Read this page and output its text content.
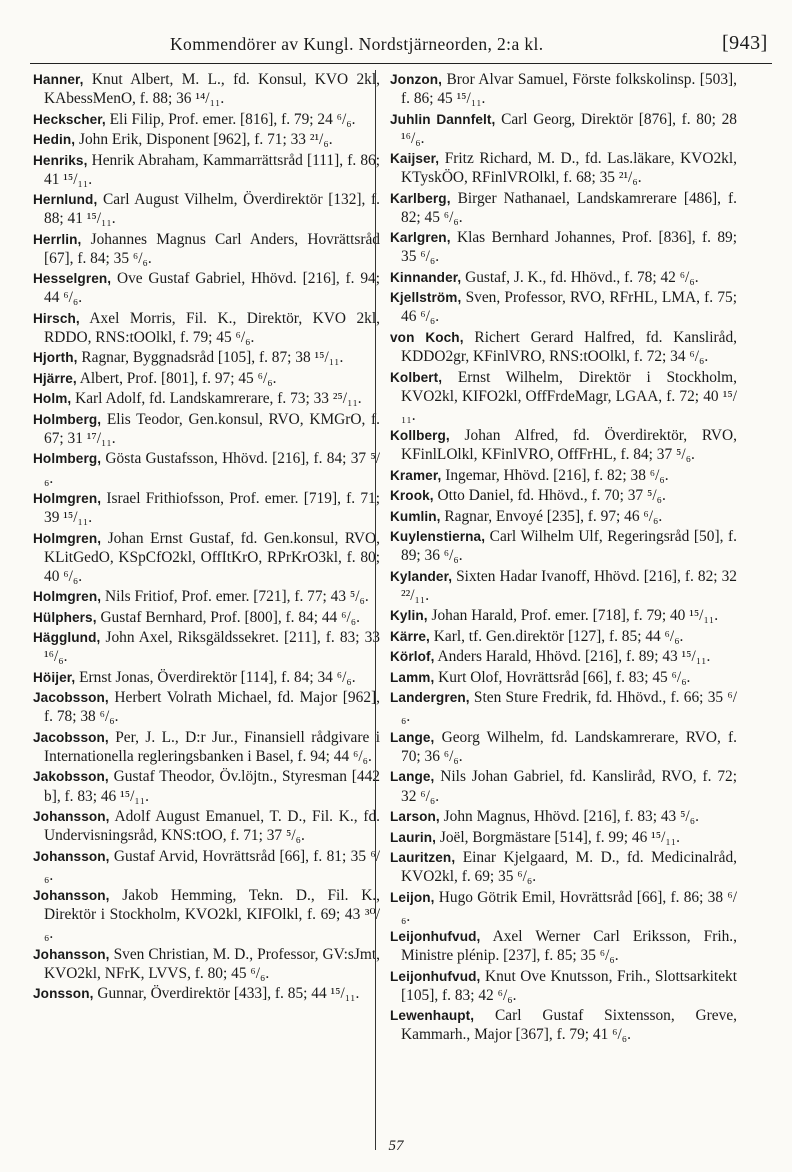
Kommendörer av Kungl. Nordstjärneorden, 2:a kl.	[943]
Hanner, Knut Albert, M. L., fd. Konsul, KVO 2kl, KAbessMenO, f. 88; 36 ¹⁴/₁₁.
Heckscher, Eli Filip, Prof. emer. [816], f. 79; 24 ⁶/₆.
Hedin, John Erik, Disponent [962], f. 71; 33 ²¹/₆.
Henriks, Henrik Abraham, Kammarrättsråd [111], f. 86; 41 ¹⁵/₁₁.
Hernlund, Carl August Vilhelm, Överdirektör [132], f. 88; 41 ¹⁵/₁₁.
Herrlin, Johannes Magnus Carl Anders, Hovrättsråd [67], f. 84; 35 ⁶/₆.
Hesselgren, Ove Gustaf Gabriel, Hhövd. [216], f. 94; 44 ⁶/₆.
Hirsch, Axel Morris, Fil. K., Direktör, KVO 2kl, RDDO, RNS:tOOlkl, f. 79; 45 ⁶/₆.
Hjorth, Ragnar, Byggnadsråd [105], f. 87; 38 ¹⁵/₁₁.
Hjärre, Albert, Prof. [801], f. 97; 45 ⁶/₆.
Holm, Karl Adolf, fd. Landskamrerare, f. 73; 33 ²⁵/₁₁.
Holmberg, Elis Teodor, Gen.konsul, RVO, KMGrO, f. 67; 31 ¹⁷/₁₁.
Holmberg, Gösta Gustafsson, Hhövd. [216], f. 84; 37 ⁵/₆.
Holmgren, Israel Frithiofsson, Prof. emer. [719], f. 71; 39 ¹⁵/₁₁.
Holmgren, Johan Ernst Gustaf, fd. Gen.konsul, RVO, KLitGedO, KSpCfO2kl, OffItKrO, RPrKrO3kl, f. 80; 40 ⁶/₆.
Holmgren, Nils Fritiof, Prof. emer. [721], f. 77; 43 ⁵/₆.
Hülphers, Gustaf Bernhard, Prof. [800], f. 84; 44 ⁶/₆.
Hägglund, John Axel, Riksgäldssekret. [211], f. 83; 33 ¹⁶/₆.
Höijer, Ernst Jonas, Överdirektör [114], f. 84; 34 ⁶/₆.
Jacobsson, Herbert Volrath Michael, fd. Major [962], f. 78; 38 ⁶/₆.
Jacobsson, Per, J. L., D:r Jur., Finansiell rådgivare i Internationella regleringsbanken i Basel, f. 94; 44 ⁶/₆.
Jakobsson, Gustaf Theodor, Öv.löjtn., Styresman [442 b], f. 83; 46 ¹⁵/₁₁.
Johansson, Adolf August Emanuel, T. D., Fil. K., fd. Undervisningsråd, KNS:tOO, f. 71; 37 ⁵/₆.
Johansson, Gustaf Arvid, Hovrättsråd [66], f. 81; 35 ⁶/₆.
Johansson, Jakob Hemming, Tekn. D., Fil. K., Direktör i Stockholm, KVO2kl, KIFOlkl, f. 69; 43 ³⁰/₆.
Johansson, Sven Christian, M. D., Professor, GV:sJmt, KVO2kl, NFrK, LVVS, f. 80; 45 ⁶/₆.
Jonsson, Gunnar, Överdirektör [433], f. 85; 44 ¹⁵/₁₁.
Jonzon, Bror Alvar Samuel, Förste folkskolinsp. [503], f. 86; 45 ¹⁵/₁₁.
Juhlin Dannfelt, Carl Georg, Direktör [876], f. 80; 28 ¹⁶/₆.
Kaijser, Fritz Richard, M. D., fd. Las.läkare, KVO2kl, KTyskÖO, RFinlVROlkl, f. 68; 35 ²¹/₆.
Karlberg, Birger Nathanael, Landskamrerare [486], f. 82; 45 ⁶/₆.
Karlgren, Klas Bernhard Johannes, Prof. [836], f. 89; 35 ⁶/₆.
Kinnander, Gustaf, J. K., fd. Hhövd., f. 78; 42 ⁶/₆.
Kjellström, Sven, Professor, RVO, RFrHL, LMA, f. 75; 46 ⁶/₆.
von Koch, Richert Gerard Halfred, fd. Kansliråd, KDDO2gr, KFinlVRO, RNS:tOOlkl, f. 72; 34 ⁶/₆.
Kolbert, Ernst Wilhelm, Direktör i Stockholm, KVO2kl, KIFO2kl, OffFrdeMagr, LGAA, f. 72; 40 ¹⁵/₁₁.
Kollberg, Johan Alfred, fd. Överdirektör, RVO, KFinlLOlkl, KFinlVRO, OffFrHL, f. 84; 37 ⁵/₆.
Kramer, Ingemar, Hhövd. [216], f. 82; 38 ⁶/₆.
Krook, Otto Daniel, fd. Hhövd., f. 70; 37 ⁵/₆.
Kumlin, Ragnar, Envoyé [235], f. 97; 46 ⁶/₆.
Kuylenstierna, Carl Wilhelm Ulf, Regeringsråd [50], f. 89; 36 ⁶/₆.
Kylander, Sixten Hadar Ivanoff, Hhövd. [216], f. 82; 32 ²²/₁₁.
Kylin, Johan Harald, Prof. emer. [718], f. 79; 40 ¹⁵/₁₁.
Kärre, Karl, tf. Gen.direktör [127], f. 85; 44 ⁶/₆.
Körlof, Anders Harald, Hhövd. [216], f. 89; 43 ¹⁵/₁₁.
Lamm, Kurt Olof, Hovrättsråd [66], f. 83; 45 ⁶/₆.
Landergren, Sten Sture Fredrik, fd. Hhövd., f. 66; 35 ⁶/₆.
Lange, Georg Wilhelm, fd. Landskamrerare, RVO, f. 70; 36 ⁶/₆.
Lange, Nils Johan Gabriel, fd. Kansliråd, RVO, f. 72; 32 ⁶/₆.
Larson, John Magnus, Hhövd. [216], f. 83; 43 ⁵/₆.
Laurin, Joël, Borgmästare [514], f. 99; 46 ¹⁵/₁₁.
Lauritzen, Einar Kjelgaard, M. D., fd. Medicinalråd, KVO2kl, f. 69; 35 ⁶/₆.
Leijon, Hugo Götrik Emil, Hovrättsråd [66], f. 86; 38 ⁶/₆.
Leijonhufvud, Axel Werner Carl Eriksson, Frih., Ministre plénip. [237], f. 85; 35 ⁶/₆.
Leijonhufvud, Knut Ove Knutsson, Frih., Slottsarkitekt [105], f. 83; 42 ⁶/₆.
Lewenhaupt, Carl Gustaf Sixtensson, Greve, Kammarh., Major [367], f. 79; 41 ⁶/₆.
57
